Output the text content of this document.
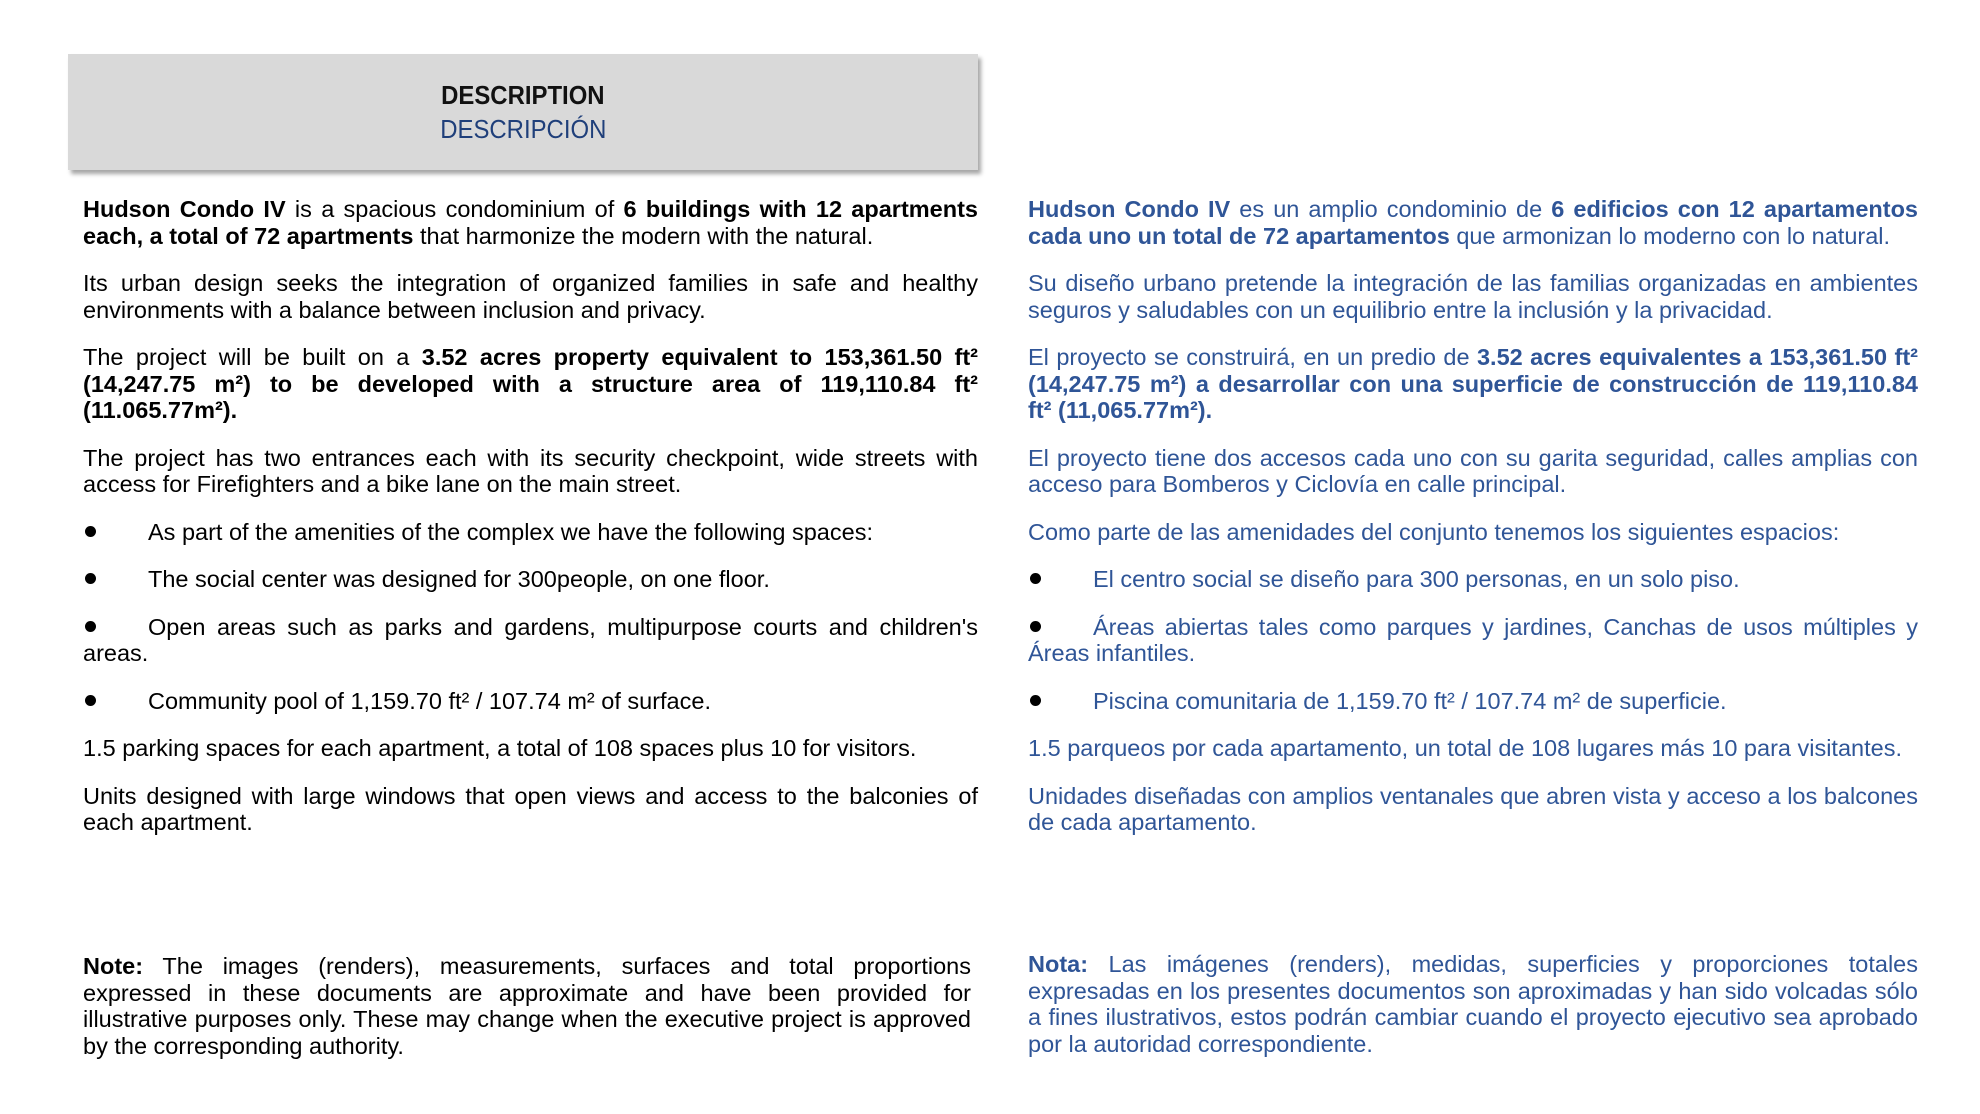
DESCRIPTION
DESCRIPCIÓN

Hudson Condo IV is a spacious condominium of 6 buildings with 12 apartments each, a total of 72 apartments that harmonize the modern with the natural.

Its urban design seeks the integration of organized families in safe and healthy environments with a balance between inclusion and privacy.

The project will be built on a 3.52 acres property equivalent to 153,361.50 ft² (14,247.75 m²) to be developed with a structure area of 119,110.84 ft² (11.065.77m²).

The project has two entrances each with its security checkpoint, wide streets with access for Firefighters and a bike lane on the main street.

As part of the amenities of the complex we have the following spaces:

The social center was designed for 300people, on one floor.

Open areas such as parks and gardens, multipurpose courts and children's areas.

Community pool of 1,159.70 ft² / 107.74 m² of surface.

1.5 parking spaces for each apartment, a total of 108 spaces plus 10 for visitors.

Units designed with large windows that open views and access to the balconies of each apartment.

Note: The images (renders), measurements, surfaces and total proportions expressed in these documents are approximate and have been provided for illustrative purposes only. These may change when the executive project is approved by the corresponding authority.

Hudson Condo IV es un amplio condominio de 6 edificios con 12 apartamentos cada uno un total de 72 apartamentos que armonizan lo moderno con lo natural.

Su diseño urbano pretende la integración de las familias organizadas en ambientes seguros y saludables con un equilibrio entre la inclusión y la privacidad.

El proyecto se construirá, en un predio de 3.52 acres equivalentes a 153,361.50 ft² (14,247.75 m²) a desarrollar con una superficie de construcción de 119,110.84 ft² (11,065.77m²).

El proyecto tiene dos accesos cada uno con su garita seguridad, calles amplias con acceso para Bomberos y Ciclovía en calle principal.

Como parte de las amenidades del conjunto tenemos los siguientes espacios:

El centro social se diseño para 300 personas, en un solo piso.

Áreas abiertas tales como parques y jardines, Canchas de usos múltiples y Áreas infantiles.

Piscina comunitaria de 1,159.70 ft² / 107.74 m² de superficie.

1.5 parqueos por cada apartamento, un total de 108 lugares más 10 para visitantes.

Unidades diseñadas con amplios ventanales que abren vista y acceso a los balcones de cada apartamento.

Nota: Las imágenes (renders), medidas, superficies y proporciones totales expresadas en los presentes documentos son aproximadas y han sido volcadas sólo a fines ilustrativos, estos podrán cambiar cuando el proyecto ejecutivo sea aprobado por la autoridad correspondiente.
